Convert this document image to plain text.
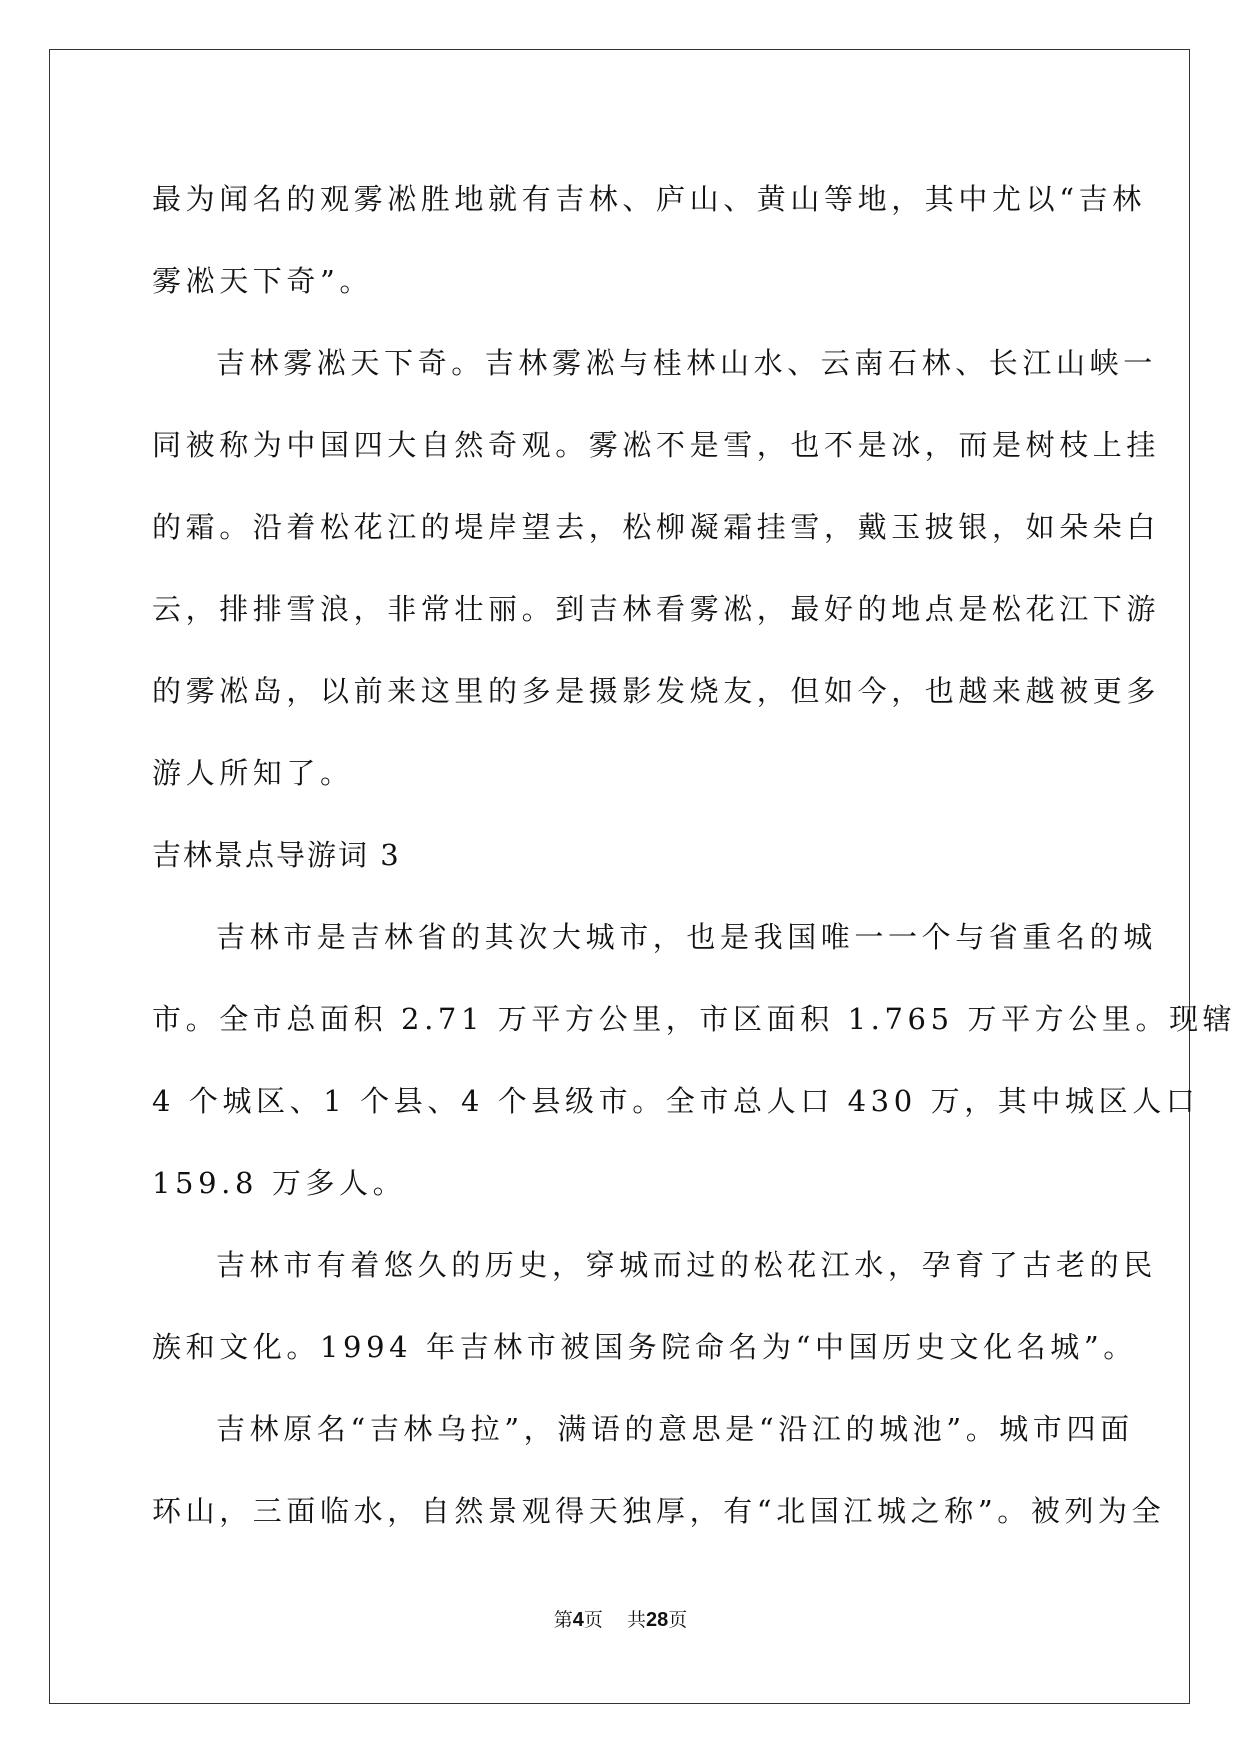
最为闻名的观雾凇胜地就有吉林、庐山、黄山等地，其中尤以“吉林
雾凇天下奇”。
吉林雾凇天下奇。吉林雾凇与桂林山水、云南石林、长江山峡一
同被称为中国四大自然奇观。雾凇不是雪，也不是冰，而是树枝上挂
的霜。沿着松花江的堤岸望去，松柳凝霜挂雪，戴玉披银，如朵朵白
云，排排雪浪，非常壮丽。到吉林看雾凇，最好的地点是松花江下游
的雾凇岛，以前来这里的多是摄影发烧友，但如今，也越来越被更多
游人所知了。
吉林景点导游词 3
吉林市是吉林省的其次大城市，也是我国唯一一个与省重名的城
市。全市总面积 2.71 万平方公里，市区面积 1.765 万平方公里。现辖
4 个城区、1 个县、4 个县级市。全市总人口 430 万，其中城区人口
159.8 万多人。
吉林市有着悠久的历史，穿城而过的松花江水，孕育了古老的民
族和文化。1994 年吉林市被国务院命名为“中国历史文化名城”。
吉林原名“吉林乌拉”，满语的意思是“沿江的城池”。城市四面
环山，三面临水，自然景观得天独厚，有“北国江城之称”。被列为全
第4页 共28页
